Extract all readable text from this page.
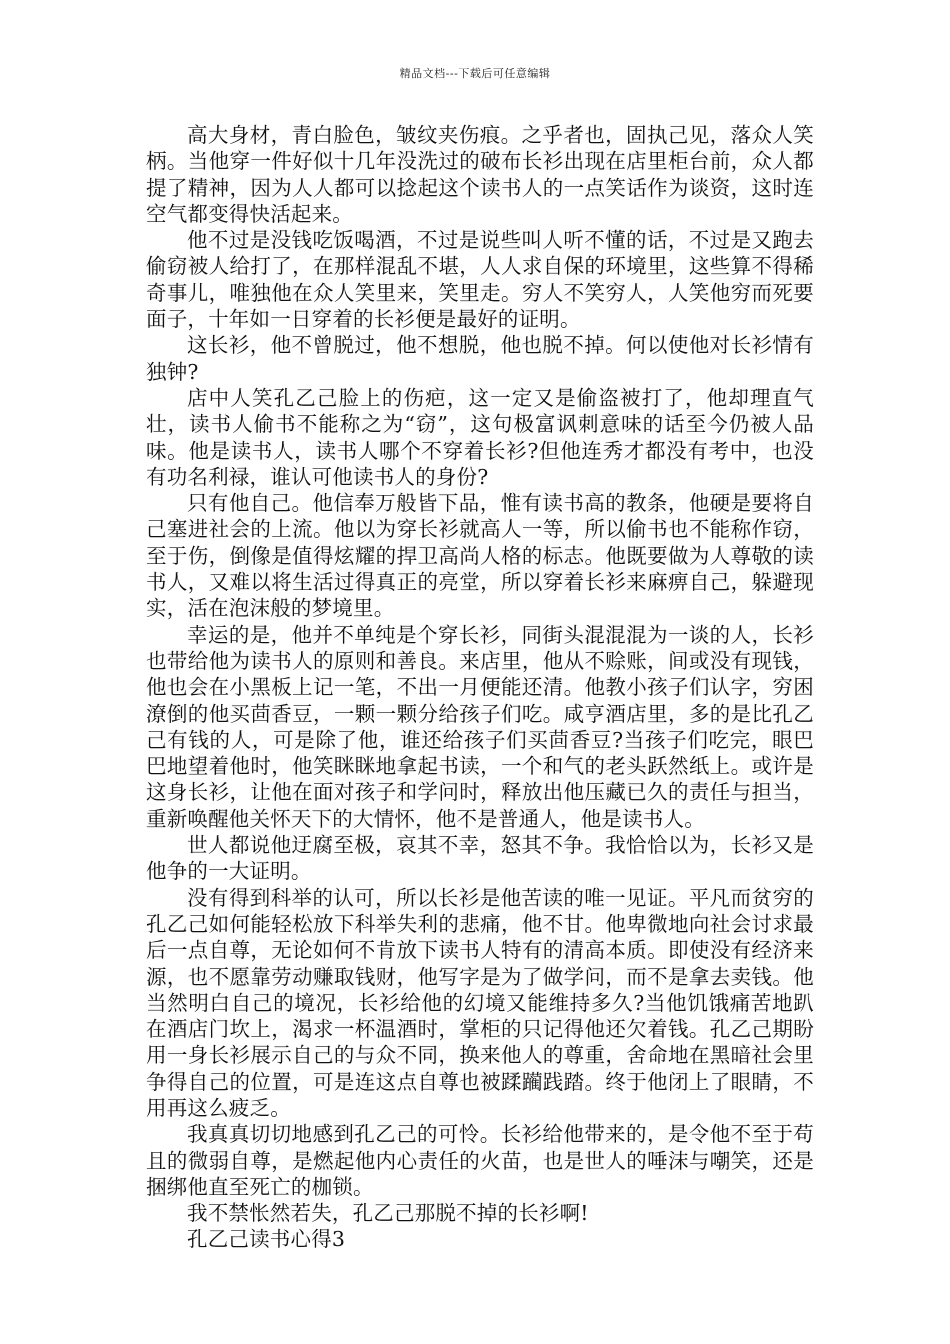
精品文档---下载后可任意编辑

高大身材，青白脸色，皱纹夹伤痕。之乎者也，固执己见，落众人笑柄。当他穿一件好似十几年没洗过的破布长衫出现在店里柜台前，众人都提了精神，因为人人都可以捻起这个读书人的一点笑话作为谈资，这时连空气都变得快活起来。

他不过是没钱吃饭喝酒，不过是说些叫人听不懂的话，不过是又跑去偷窃被人给打了，在那样混乱不堪，人人求自保的环境里，这些算不得稀奇事儿，唯独他在众人笑里来，笑里走。穷人不笑穷人，人笑他穷而死要面子，十年如一日穿着的长衫便是最好的证明。

这长衫，他不曾脱过，他不想脱，他也脱不掉。何以使他对长衫情有独钟?

店中人笑孔乙己脸上的伤疤，这一定又是偷盗被打了，他却理直气壮，读书人偷书不能称之为“窃”，这句极富讽刺意味的话至今仍被人品味。他是读书人，读书人哪个不穿着长衫?但他连秀才都没有考中，也没有功名利禄，谁认可他读书人的身份?

只有他自己。他信奉万般皆下品，惟有读书高的教条，他硬是要将自己塞进社会的上流。他以为穿长衫就高人一等，所以偷书也不能称作窃，至于伤，倒像是值得炫耀的捍卫高尚人格的标志。他既要做为人尊敬的读书人，又难以将生活过得真正的亮堂，所以穿着长衫来麻痹自己，躲避现实，活在泡沫般的梦境里。

幸运的是，他并不单纯是个穿长衫，同街头混混混为一谈的人，长衫也带给他为读书人的原则和善良。来店里，他从不赊账，间或没有现钱，他也会在小黑板上记一笔，不出一月便能还清。他教小孩子们认字，穷困潦倒的他买茴香豆，一颗一颗分给孩子们吃。咸亨酒店里，多的是比孔乙己有钱的人，可是除了他，谁还给孩子们买茴香豆?当孩子们吃完，眼巴巴地望着他时，他笑眯眯地拿起书读，一个和气的老头跃然纸上。或许是这身长衫，让他在面对孩子和学问时，释放出他压藏已久的责任与担当，重新唤醒他关怀天下的大情怀，他不是普通人，他是读书人。

世人都说他迂腐至极，哀其不幸，怒其不争。我恰恰以为，长衫又是他争的一大证明。

没有得到科举的认可，所以长衫是他苦读的唯一见证。平凡而贫穷的孔乙己如何能轻松放下科举失利的悲痛，他不甘。他卑微地向社会讨求最后一点自尊，无论如何不肯放下读书人特有的清高本质。即使没有经济来源，也不愿靠劳动赚取钱财，他写字是为了做学问，而不是拿去卖钱。他当然明白自己的境况，长衫给他的幻境又能维持多久?当他饥饿痛苦地趴在酒店门坎上，渴求一杯温酒时，掌柜的只记得他还欠着钱。孔乙己期盼用一身长衫展示自己的与众不同，换来他人的尊重，舍命地在黑暗社会里争得自己的位置，可是连这点自尊也被蹂躏践踏。终于他闭上了眼睛，不用再这么疲乏。

我真真切切地感到孔乙己的可怜。长衫给他带来的，是令他不至于苟且的微弱自尊，是燃起他内心责任的火苗，也是世人的唾沫与嘲笑，还是捆绑他直至死亡的枷锁。

我不禁怅然若失，孔乙己那脱不掉的长衫啊!

孔乙己读书心得3
